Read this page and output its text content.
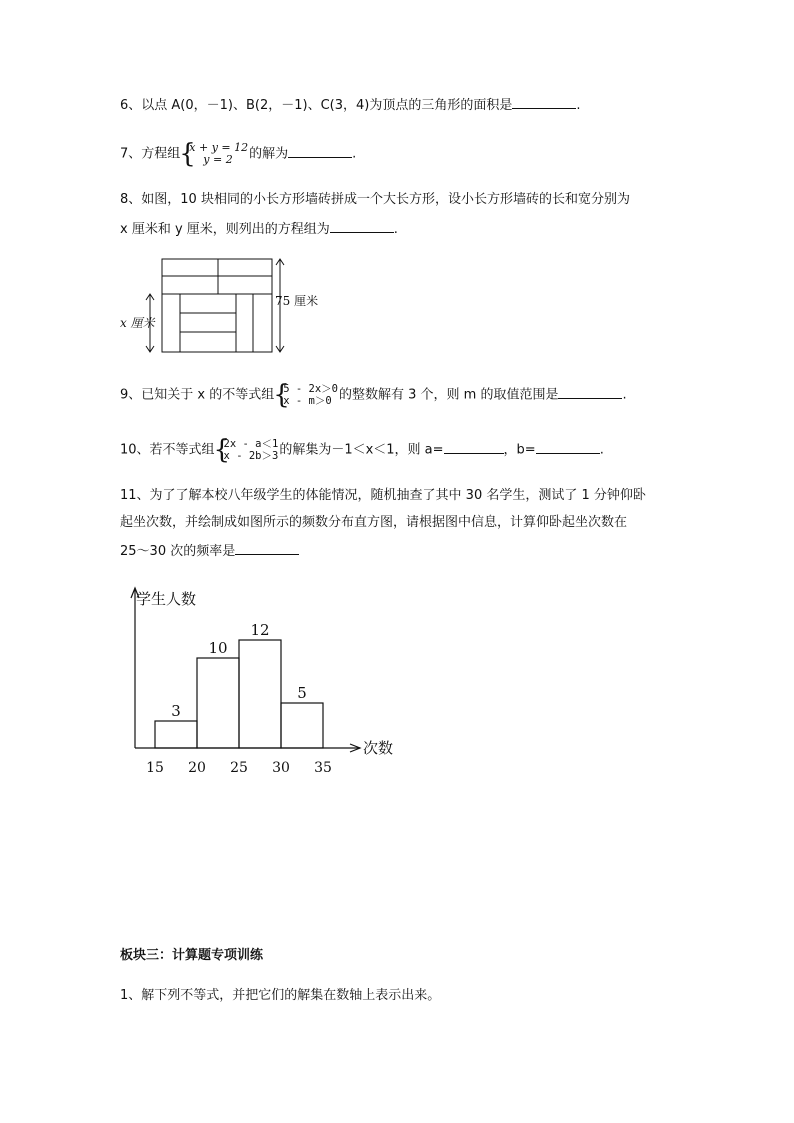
6、以点 A(0，－1)、B(2，－1)、C(3，4)为顶点的三角形的面积是	.
7、方程组 {
x + y = 12
y = 2	的解为	.
8、如图，10 块相同的小长方形墙砖拼成一个大长方形，设小长方形墙砖的长和宽分别为
x 厘米和 y 厘米，则列出的方程组为	.
75 厘米
x 厘米
9、已知关于 x 的不等式组 {
5 - 2x＞0
x - m＞0 的整数解有 3 个，则 m 的取值范围是	.
10、若不等式组 {
2x - a＜1
x - 2b＞3 的解集为－1＜x＜1，则 a=	，b=	.
11、为了了解本校八年级学生的体能情况，随机抽查了其中 30 名学生，测试了 1 分钟仰卧
起坐次数，并绘制成如图所示的频数分布直方图，请根据图中信息，计算仰卧起坐次数在
25～30 次的频率是
学生人数
次数
3
10
12
5
15 20 25 30 35
板块三：计算题专项训练
1、解下列不等式，并把它们的解集在数轴上表示出来。
